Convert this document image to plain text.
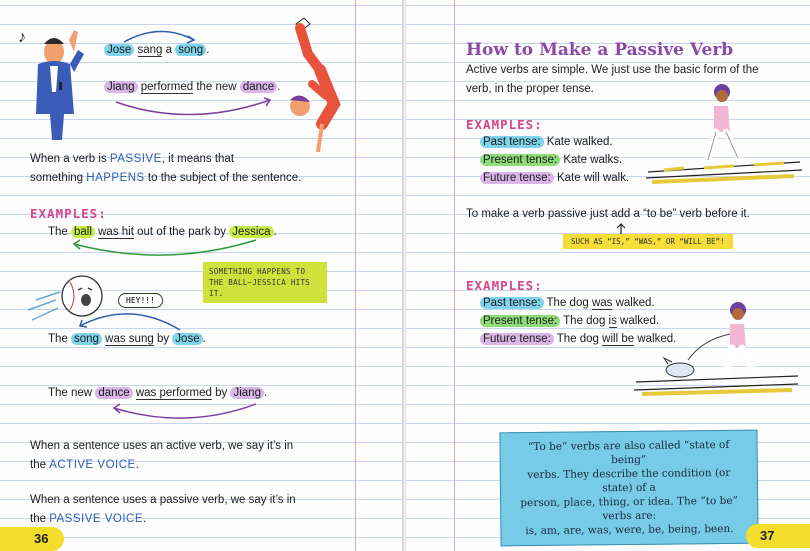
♪
Jose sang a song .
Jiang performed the new dance .
When a verb is PASSIVE, it means that
something HAPPENS to the subject of the sentence.
EXAMPLES:
The ball was hit out of the park by Jessica .
SOMETHING HAPPENS TO THE BALL—JESSICA HITS IT.
HEY!!!
The song was sung by Jose .
The new dance was performed by Jiang .
When a sentence uses an active verb, we say it’s in
the ACTIVE VOICE.
When a sentence uses a passive verb, we say it’s in
the PASSIVE VOICE.
36
How to Make a Passive Verb
Active verbs are simple. We just use the basic form of the
verb, in the proper tense.
EXAMPLES:
Past tense: Kate walked.
Present tense: Kate walks.
Future tense: Kate will walk.
To make a verb passive just add a “to be” verb before it.
SUCH AS “IS,” “WAS,” OR “WILL BE”!
EXAMPLES:
Past tense: The dog was walked.
Present tense: The dog is walked.
Future tense: The dog will be walked.
“To be” verbs are also called “state of being”
verbs. They describe the condition (or state) of a
person, place, thing, or idea. The “to be” verbs are:
is, am, are, was, were, be, being, been.	37
